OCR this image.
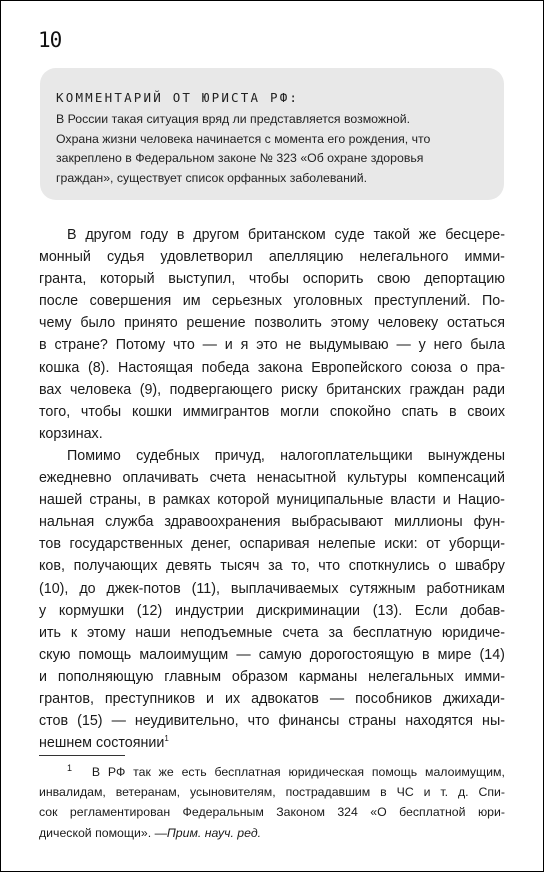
10
КОММЕНТАРИЙ ОТ ЮРИСТА РФ:
В России такая ситуация вряд ли представляется возможной.
Охрана жизни человека начинается с момента его рождения, что
закреплено в Федеральном законе № 323 «Об охране здоровья
граждан», существует список орфанных заболеваний.
В другом году в другом британском суде такой же бесцере-
монный судья удовлетворил апелляцию нелегального имми-
гранта, который выступил, чтобы оспорить свою депортацию
после совершения им серьезных уголовных преступлений. По-
чему было принято решение позволить этому человеку остаться
в стране? Потому что — и я это не выдумываю — у него была
кошка (8). Настоящая победа закона Европейского союза о пра-
вах человека (9), подвергающего риску британских граждан ради
того, чтобы кошки иммигрантов могли спокойно спать в своих
корзинах.
Помимо судебных причуд, налогоплательщики вынуждены
ежедневно оплачивать счета ненасытной культуры компенсаций
нашей страны, в рамках которой муниципальные власти и Нацио-
нальная служба здравоохранения выбрасывают миллионы фун-
тов государственных денег, оспаривая нелепые иски: от уборщи-
ков, получающих девять тысяч за то, что споткнулись о швабру
(10), до джек-потов (11), выплачиваемых сутяжным работникам
у кормушки (12) индустрии дискриминации (13). Если добав-
ить к этому наши неподъемные счета за бесплатную юридиче-
скую помощь малоимущим — самую дорогостоящую в мире (14)
и пополняющую главным образом карманы нелегальных имми-
грантов, преступников и их адвокатов — пособников джихади-
стов (15) — неудивительно, что финансы страны находятся ны-
нешнем состоянии$^1$
1 В РФ так же есть бесплатная юридическая помощь малоимущим,
инвалидам, ветеранам, усыновителям, пострадавшим в ЧС и т. д. Спи-
сок регламентирован Федеральным Законом 324 «О бесплатной юри-
дической помощи». — Прим. науч. ред.
